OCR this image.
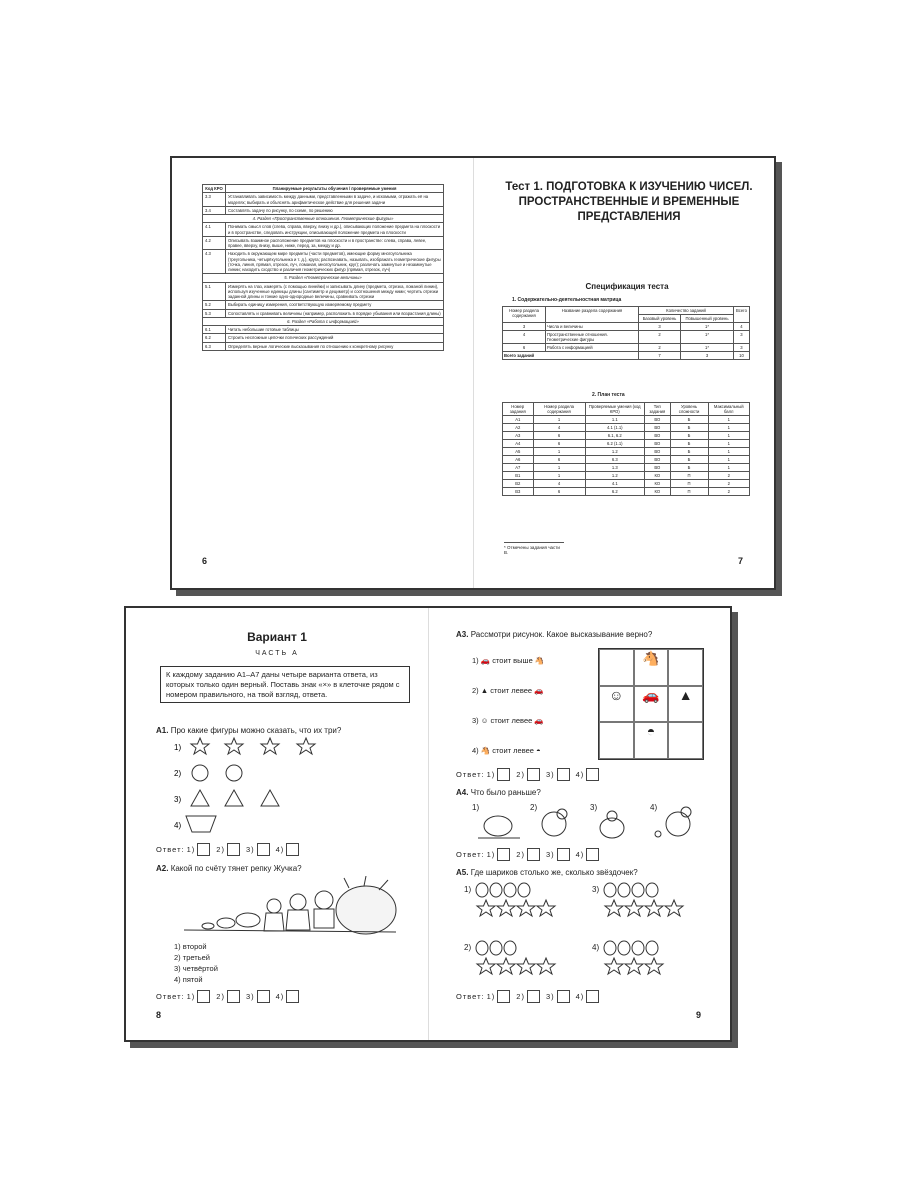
Код КРО	Планируемые результаты обучения / проверяемые умения
3.3	Устанавливать зависимость между данными, представленными в задаче, и искомыми, отражать её на моделях; выбирать и объяснять арифметическое действие для решения задачи
3.4	Составлять задачу по рисунку, по схеме, по решению
4. Раздел «Пространственные отношения. Геометрические фигуры»	
4.1	Понимать смысл слов (слева, справа, вверху, внизу и др.), описывающих положение предмета на плоскости и в пространстве, следовать инструкции, описывающей положение предмета на плоскости
4.2	Описывать взаимное расположение предметов на плоскости и в пространстве: слева, справа, левее, правее, вверху, внизу, выше, ниже, перед, за, между и др.
4.3	Находить в окружающем мире предметы (части предметов), имеющие форму многоугольника (треугольника, четырёхугольника и т. д.), круга; распознавать, называть, изображать геометрические фигуры (точка, линия, прямая, отрезок, луч, ломаная, многоугольник, круг); различать замкнутые и незамкнутые линии; находить сходство и различия геометрических фигур (прямая, отрезок, луч)
5. Раздел «Геометрические величины»	
5.1	Измерять на глаз, измерять (с помощью линейки) и записывать длину (предмета, отрезка, ломаной линии), используя изученные единицы длины (сантиметр и дециметр) и соотношения между ними; чертить отрезки заданной длины и тонкие одно-однородные величины, сравнивать отрезки
5.2	Выбирать единицу измерения, соответствующую измеряемому предмету
5.3	Сопоставлять и сравнивать величины (например, расположить в порядке убывания или возрастания длины)
6. Раздел «Работа с информацией»	
6.1	Читать небольшие готовые таблицы
6.2	Строить несложные цепочки логических рассуждений
6.3	Определять верные логические высказывания по отношению к конкретному рисунку
6
Тест 1. ПОДГОТОВКА К ИЗУЧЕНИЮ ЧИСЕЛ. ПРОСТРАНСТВЕННЫЕ И ВРЕМЕННЫЕ ПРЕДСТАВЛЕНИЯ
Спецификация теста
1. Содержательно-деятельностная матрица
Номер раздела содержания	Название раздела содержания	Количество заданий		Всего
		Базовый уровень	Повышенный уровень	
3	Числа и величины	3	1*	4
4	Пространственные отношения. Геометрические фигуры	2	1*	3
6	Работа с информацией	2	1*	3
Всего заданий		7	3	10
2. План теста
Номер задания	Номер раздела содержания	Проверяемые умения (код КРО)	Тип задания	Уровень сложности	Максимальный балл
А1	1	1.1	ВО	Б	1
А2	4	4.1 (1.1)	ВО	Б	1
А3	6	6.1, 6.2	ВО	Б	1
А4	6	6.2 (1.1)	ВО	Б	1
А5	1	1.2	ВО	Б	1
А6	6	6.3	ВО	Б	1
А7	1	1.3	ВО	Б	1
В1	1	1.2	КО	П	2
В2	4	4.1	КО	П	2
В3	6	6.2	КО	П	2
* Отмечены задания части В.
7
Вариант 1
ЧАСТЬ А
К каждому заданию А1–А7 даны четыре варианта ответа, из которых только один верный. Поставь знак «×» в клеточке рядом с номером правильного, на твой взгляд, ответа.
А1. Про какие фигуры можно сказать, что их три?
1)
2)
3)
4)
Ответ: 1)	2)	3)	4)
А2. Какой по счёту тянет репку Жучка?
1) второй
2) третьей
3) четвёртой
4) пятой
Ответ: 1)	2)	3)	4)
8
А3. Рассмотри рисунок. Какое высказывание верно?
1) 🚗 стоит выше 🐴
2) ▲ стоит левее 🚗
3) ☺ стоит левее 🚗
4) 🐴 стоит левее ◓
🐴
☺	🚗	▲
◓
Ответ: 1)	2)	3)	4)
А4. Что было раньше?
1)	2)	3)	4)
Ответ: 1)	2)	3)	4)
А5. Где шариков столько же, сколько звёздочек?
1)	3)
2)	4)
Ответ: 1)	2)	3)	4)
9
